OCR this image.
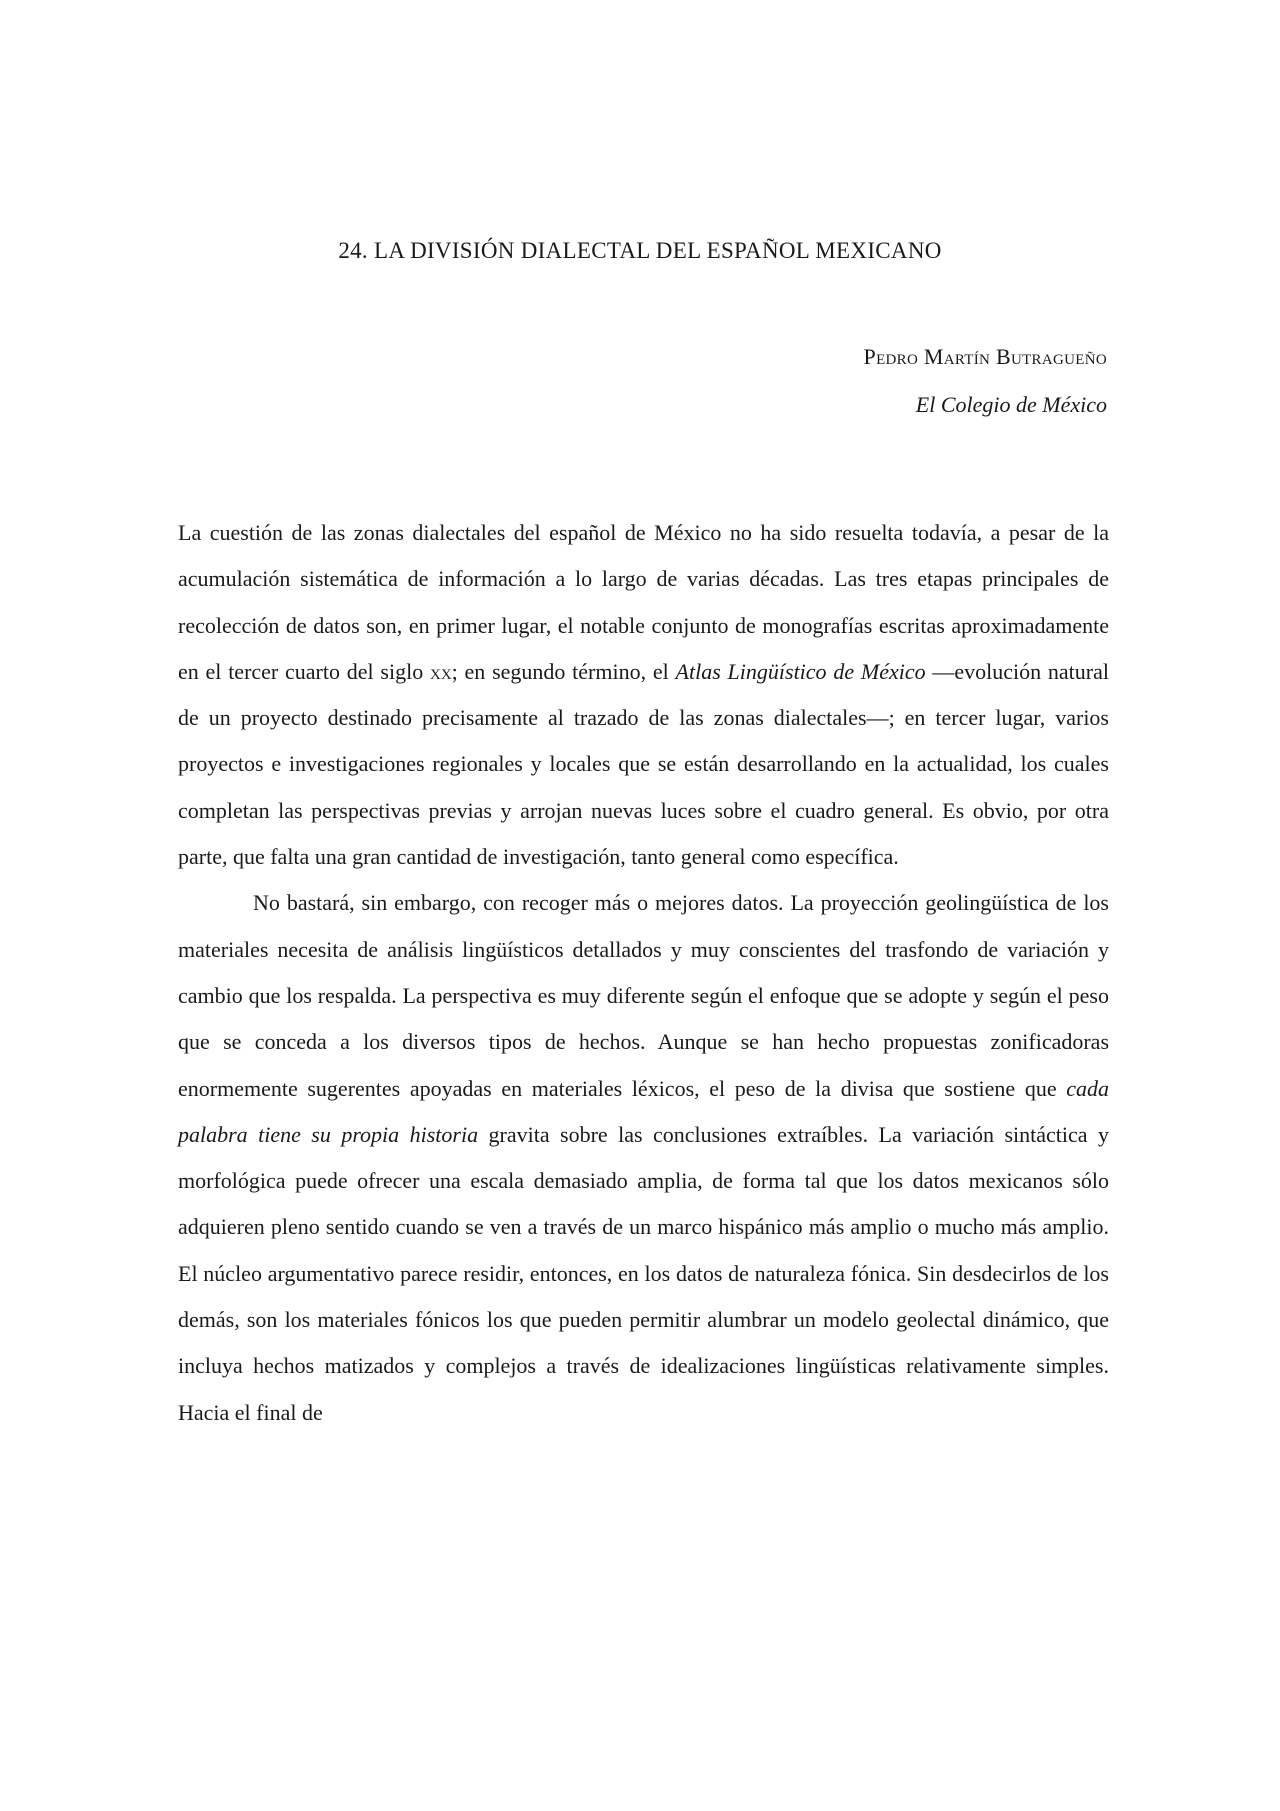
24. LA DIVISIÓN DIALECTAL DEL ESPAÑOL MEXICANO
Pedro Martín Butragueño
El Colegio de México

La cuestión de las zonas dialectales del español de México no ha sido resuelta todavía, a pesar de la acumulación sistemática de información a lo largo de varias décadas. Las tres etapas principales de recolección de datos son, en primer lugar, el notable conjunto de monografías escritas aproximadamente en el tercer cuarto del siglo xx; en segundo término, el Atlas Lingüístico de México —evolución natural de un proyecto destinado precisamente al trazado de las zonas dialectales—; en tercer lugar, varios proyectos e investigaciones regionales y locales que se están desarrollando en la actualidad, los cuales completan las perspectivas previas y arrojan nuevas luces sobre el cuadro general. Es obvio, por otra parte, que falta una gran cantidad de investigación, tanto general como específica.

No bastará, sin embargo, con recoger más o mejores datos. La proyección geolingüística de los materiales necesita de análisis lingüísticos detallados y muy conscientes del trasfondo de variación y cambio que los respalda. La perspectiva es muy diferente según el enfoque que se adopte y según el peso que se conceda a los diversos tipos de hechos. Aunque se han hecho propuestas zonificadoras enormemente sugerentes apoyadas en materiales léxicos, el peso de la divisa que sostiene que cada palabra tiene su propia historia gravita sobre las conclusiones extraíbles. La variación sintáctica y morfológica puede ofrecer una escala demasiado amplia, de forma tal que los datos mexicanos sólo adquieren pleno sentido cuando se ven a través de un marco hispánico más amplio o mucho más amplio. El núcleo argumentativo parece residir, entonces, en los datos de naturaleza fónica. Sin desdecirlos de los demás, son los materiales fónicos los que pueden permitir alumbrar un modelo geolectal dinámico, que incluya hechos matizados y complejos a través de idealizaciones lingüísticas relativamente simples. Hacia el final de
